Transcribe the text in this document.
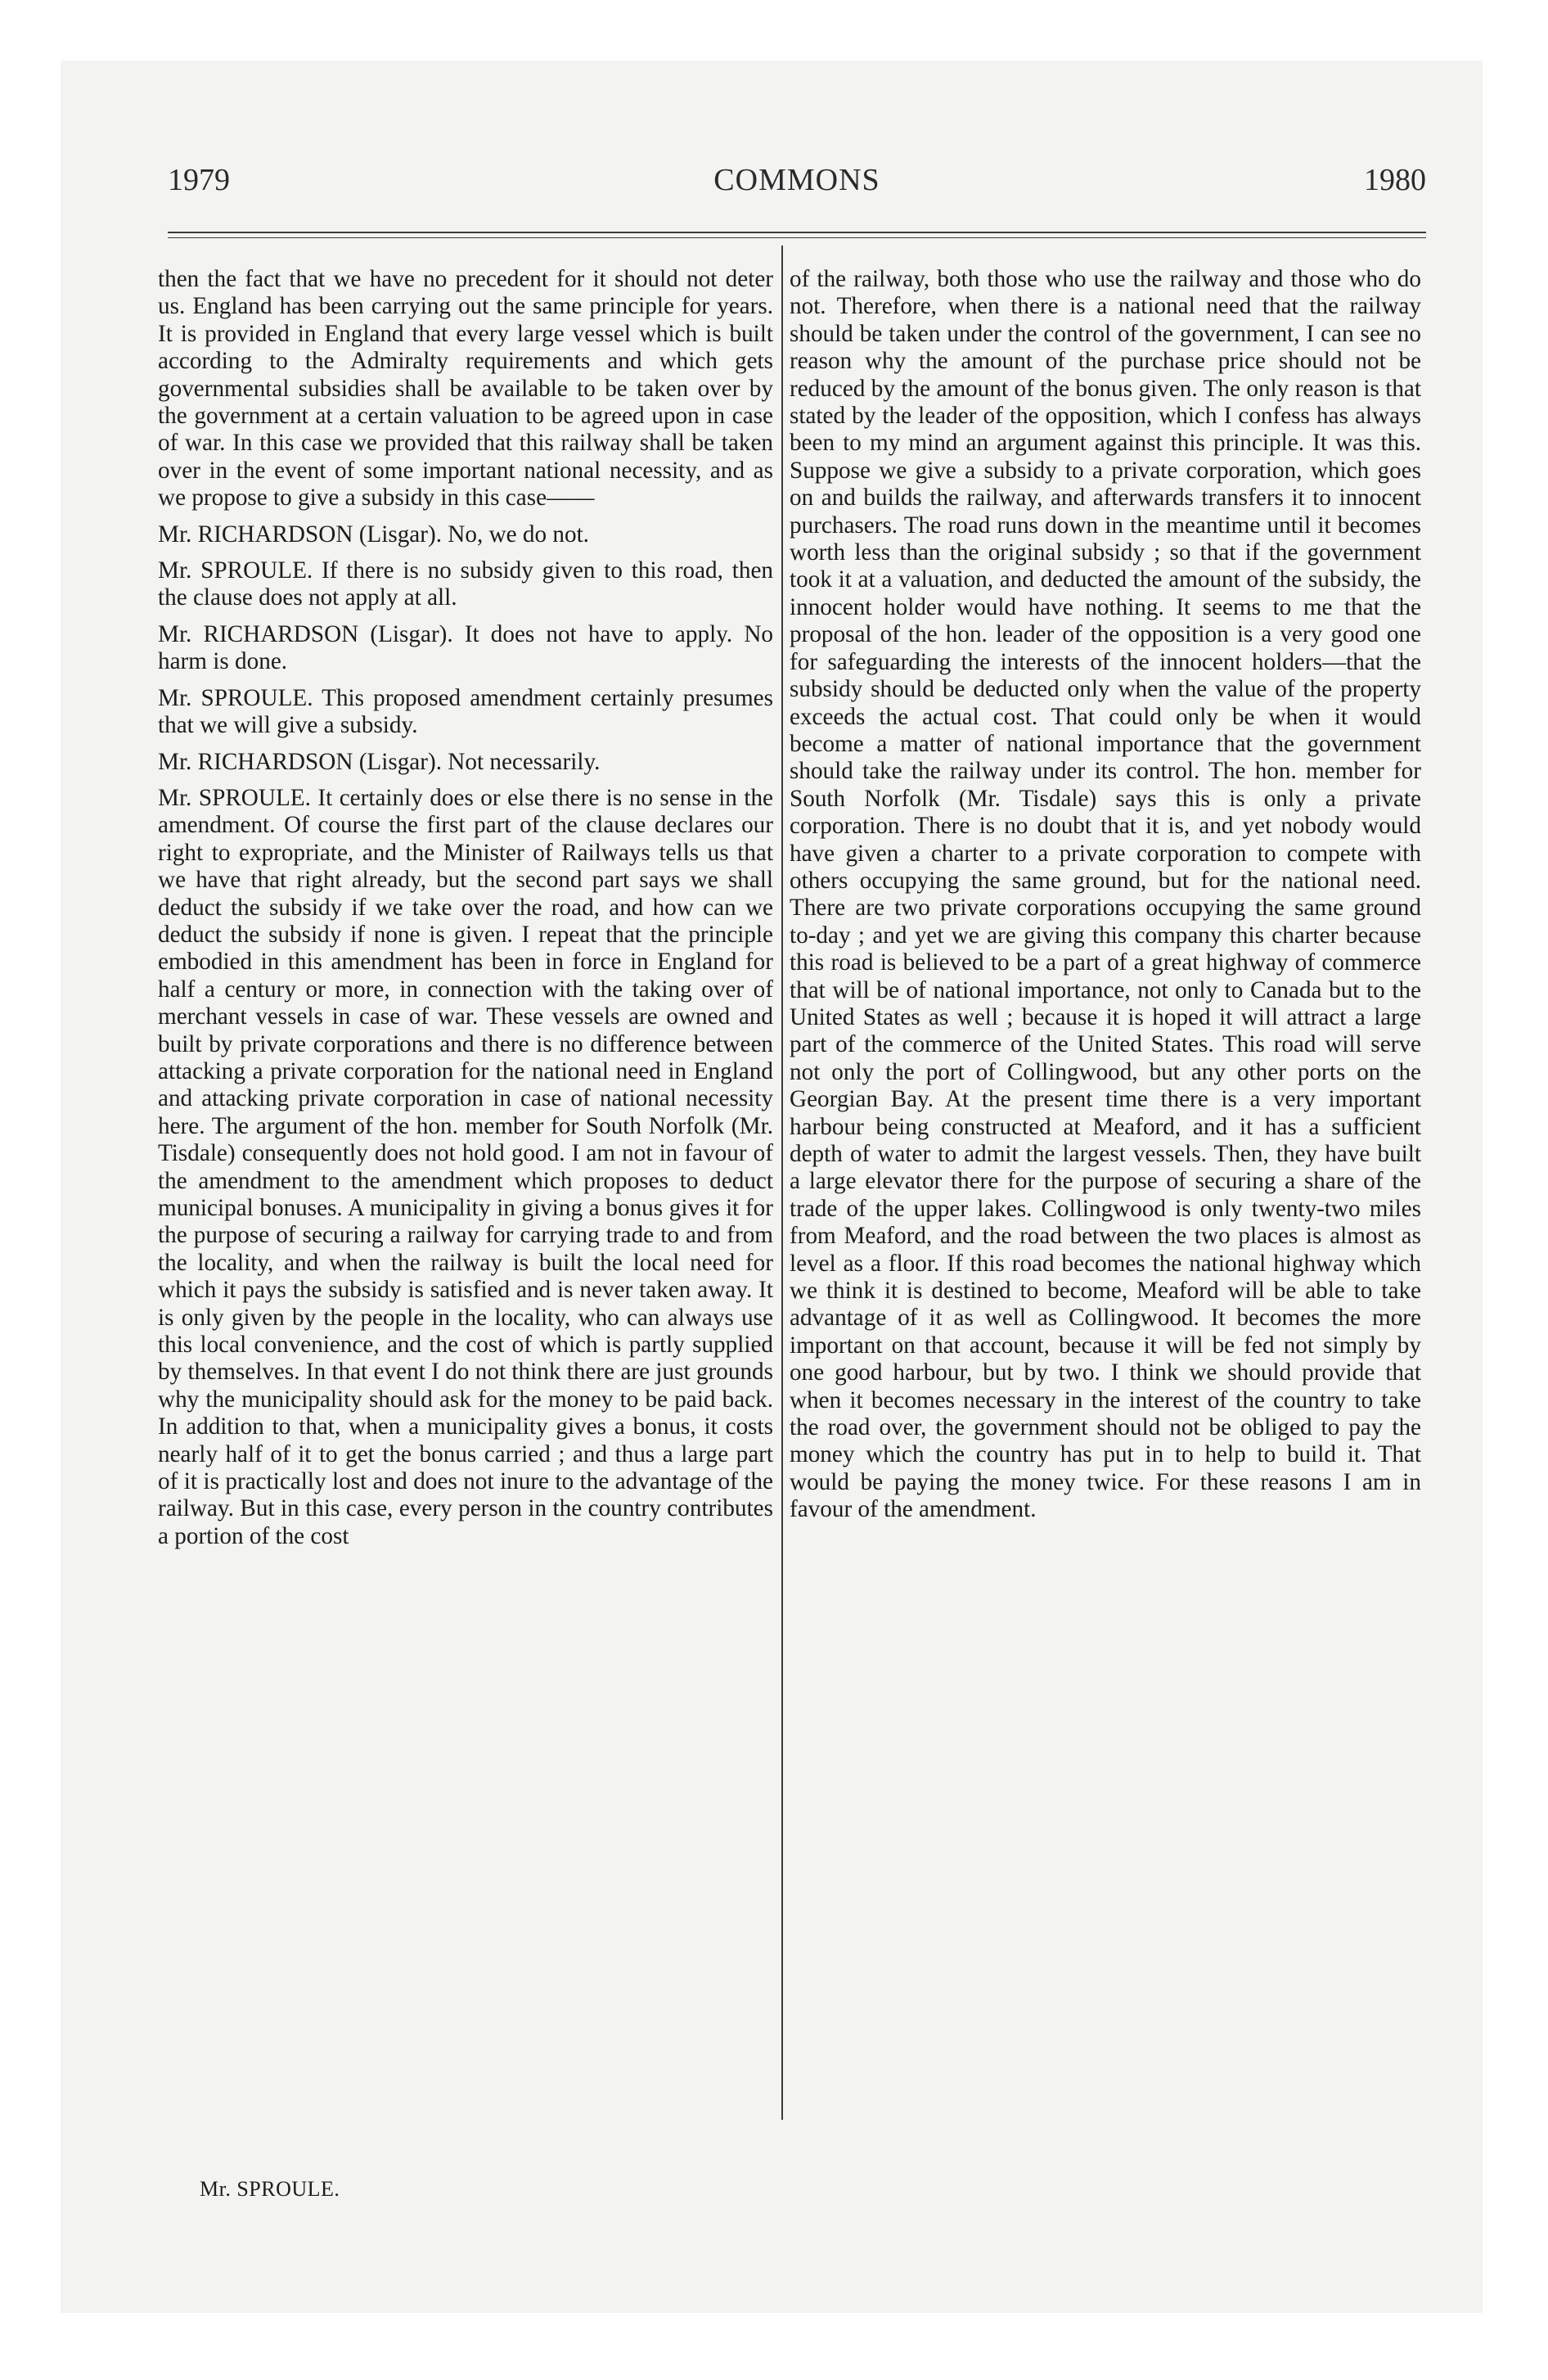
1979	COMMONS	1980

then the fact that we have no precedent for it should not deter us. England has been carrying out the same principle for years. It is provided in England that every large vessel which is built according to the Admiralty requirements and which gets governmental subsidies shall be available to be taken over by the government at a certain valuation to be agreed upon in case of war. In this case we provided that this railway shall be taken over in the event of some important national necessity, and as we propose to give a subsidy in this case——

Mr. RICHARDSON (Lisgar). No, we do not.

Mr. SPROULE. If there is no subsidy given to this road, then the clause does not apply at all.

Mr. RICHARDSON (Lisgar). It does not have to apply. No harm is done.

Mr. SPROULE. This proposed amendment certainly presumes that we will give a subsidy.

Mr. RICHARDSON (Lisgar). Not necessarily.

Mr. SPROULE. It certainly does or else there is no sense in the amendment. Of course the first part of the clause declares our right to expropriate, and the Minister of Railways tells us that we have that right already, but the second part says we shall deduct the subsidy if we take over the road, and how can we deduct the subsidy if none is given. I repeat that the principle embodied in this amendment has been in force in England for half a century or more, in connection with the taking over of merchant vessels in case of war. These vessels are owned and built by private corporations and there is no difference between attacking a private corporation for the national need in England and attacking private corporation in case of national necessity here. The argument of the hon. member for South Norfolk (Mr. Tisdale) consequently does not hold good. I am not in favour of the amendment to the amendment which proposes to deduct municipal bonuses. A municipality in giving a bonus gives it for the purpose of securing a railway for carrying trade to and from the locality, and when the railway is built the local need for which it pays the subsidy is satisfied and is never taken away. It is only given by the people in the locality, who can always use this local convenience, and the cost of which is partly supplied by themselves. In that event I do not think there are just grounds why the municipality should ask for the money to be paid back. In addition to that, when a municipality gives a bonus, it costs nearly half of it to get the bonus carried ; and thus a large part of it is practically lost and does not inure to the advantage of the railway. But in this case, every person in the country contributes a portion of the cost

of the railway, both those who use the railway and those who do not. Therefore, when there is a national need that the railway should be taken under the control of the government, I can see no reason why the amount of the purchase price should not be reduced by the amount of the bonus given. The only reason is that stated by the leader of the opposition, which I confess has always been to my mind an argument against this principle. It was this. Suppose we give a subsidy to a private corporation, which goes on and builds the railway, and afterwards transfers it to innocent purchasers. The road runs down in the meantime until it becomes worth less than the original subsidy ; so that if the government took it at a valuation, and deducted the amount of the subsidy, the innocent holder would have nothing. It seems to me that the proposal of the hon. leader of the opposition is a very good one for safeguarding the interests of the innocent holders—that the subsidy should be deducted only when the value of the property exceeds the actual cost. That could only be when it would become a matter of national importance that the government should take the railway under its control. The hon. member for South Norfolk (Mr. Tisdale) says this is only a private corporation. There is no doubt that it is, and yet nobody would have given a charter to a private corporation to compete with others occupying the same ground, but for the national need. There are two private corporations occupying the same ground to-day ; and yet we are giving this company this charter because this road is believed to be a part of a great highway of commerce that will be of national importance, not only to Canada but to the United States as well ; because it is hoped it will attract a large part of the commerce of the United States. This road will serve not only the port of Collingwood, but any other ports on the Georgian Bay. At the present time there is a very important harbour being constructed at Meaford, and it has a sufficient depth of water to admit the largest vessels. Then, they have built a large elevator there for the purpose of securing a share of the trade of the upper lakes. Collingwood is only twenty-two miles from Meaford, and the road between the two places is almost as level as a floor. If this road becomes the national highway which we think it is destined to become, Meaford will be able to take advantage of it as well as Collingwood. It becomes the more important on that account, because it will be fed not simply by one good harbour, but by two. I think we should provide that when it becomes necessary in the interest of the country to take the road over, the government should not be obliged to pay the money which the country has put in to help to build it. That would be paying the money twice. For these reasons I am in favour of the amendment.

Mr. SPROULE.
